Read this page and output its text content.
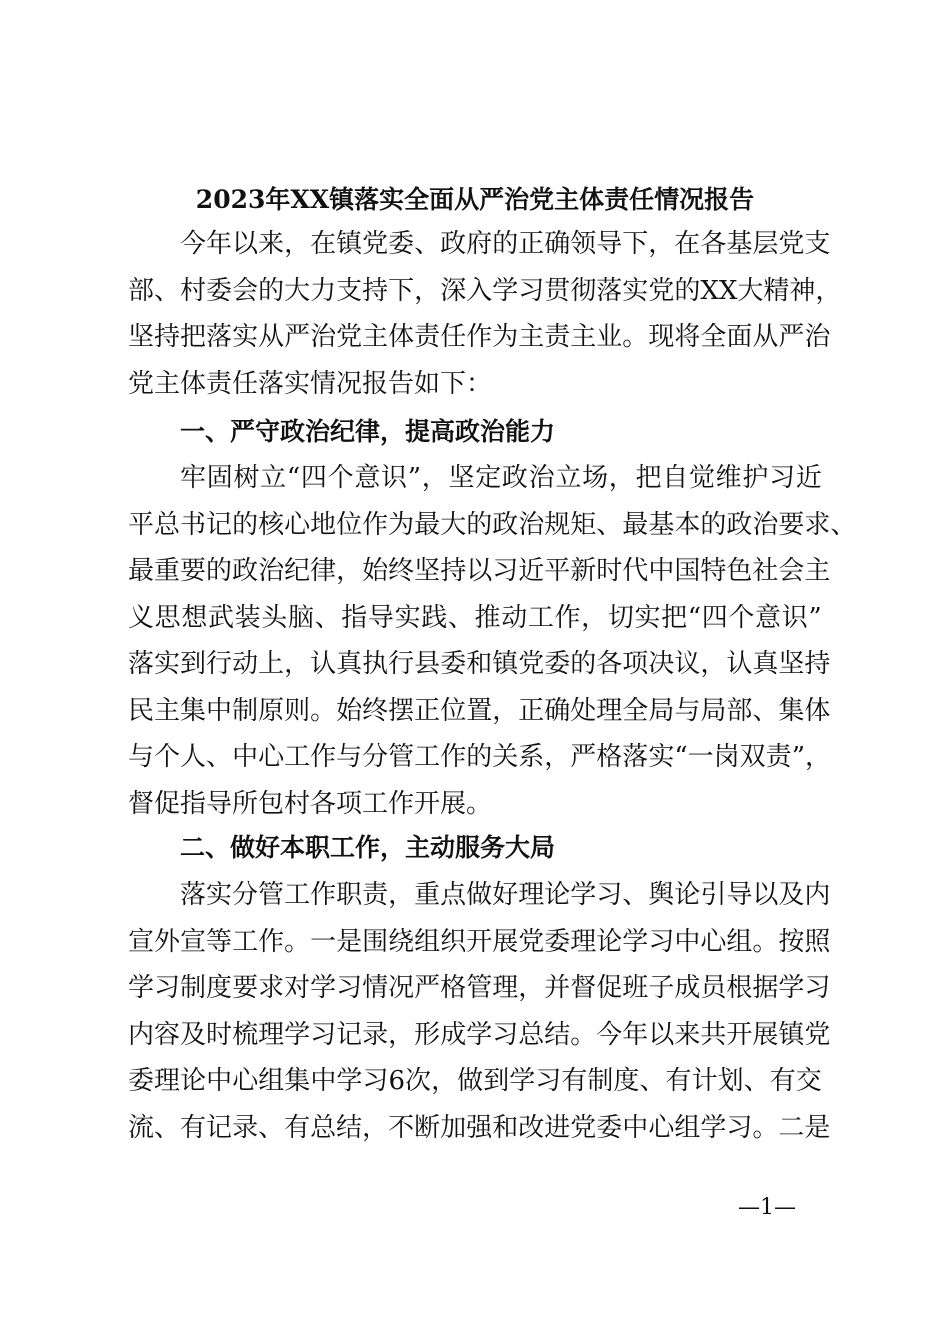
2023年XX镇落实全面从严治党主体责任情况报告
今 年 以 来 ， 在 镇 党 委 、 政 府 的 正 确 领 导 下 ， 在 各 基 层 党 支
部 、 村 委 会 的 大 力 支 持 下 ， 深 入 学 习 贯 彻 落 实 党 的 XX 大 精 神 ，
坚 持 把 落 实 从 严 治 党 主 体 责 任 作 为 主 责 主 业 。 现 将 全 面 从 严 治
党主体责任落实情况报告如下：
一、严守政治纪律，提高政治能力
牢 固 树 立 “ 四 个 意 识 ” ， 坚 定 政 治 立 场 ， 把 自 觉 维 护 习 近
平 总 书 记 的 核 心 地 位 作 为 最 大 的 政 治 规 矩 、 最 基 本 的 政 治 要 求 、
最 重 要 的 政 治 纪 律 ， 始 终 坚 持 以 习 近 平 新 时 代 中 国 特 色 社 会 主
义 思 想 武 装 头 脑 、 指 导 实 践 、 推 动 工 作 ， 切 实 把 “ 四 个 意 识 ”
落 实 到 行 动 上 ， 认 真 执 行 县 委 和 镇 党 委 的 各 项 决 议 ， 认 真 坚 持
民 主 集 中 制 原 则 。 始 终 摆 正 位 置 ， 正 确 处 理 全 局 与 局 部 、 集 体
与 个 人 、 中 心 工 作 与 分 管 工 作 的 关 系 ， 严 格 落 实 “ 一 岗 双 责 ” ，
督促指导所包村各项工作开展。
二、做好本职工作，主动服务大局
落 实 分 管 工 作 职 责 ， 重 点 做 好 理 论 学 习 、 舆 论 引 导 以 及 内
宣 外 宣 等 工 作 。 一 是 围 绕 组 织 开 展 党 委 理 论 学 习 中 心 组 。 按 照
学 习 制 度 要 求 对 学 习 情 况 严 格 管 理 ， 并 督 促 班 子 成 员 根 据 学 习
内 容 及 时 梳 理 学 习 记 录 ， 形 成 学 习 总 结 。 今 年 以 来 共 开 展 镇 党
委 理 论 中 心 组 集 中 学 习 6 次 ， 做 到 学 习 有 制 度 、 有 计 划 、 有 交
流 、 有 记 录 、 有 总 结 ， 不 断 加 强 和 改 进 党 委 中 心 组 学 习 。 二 是
—1—
